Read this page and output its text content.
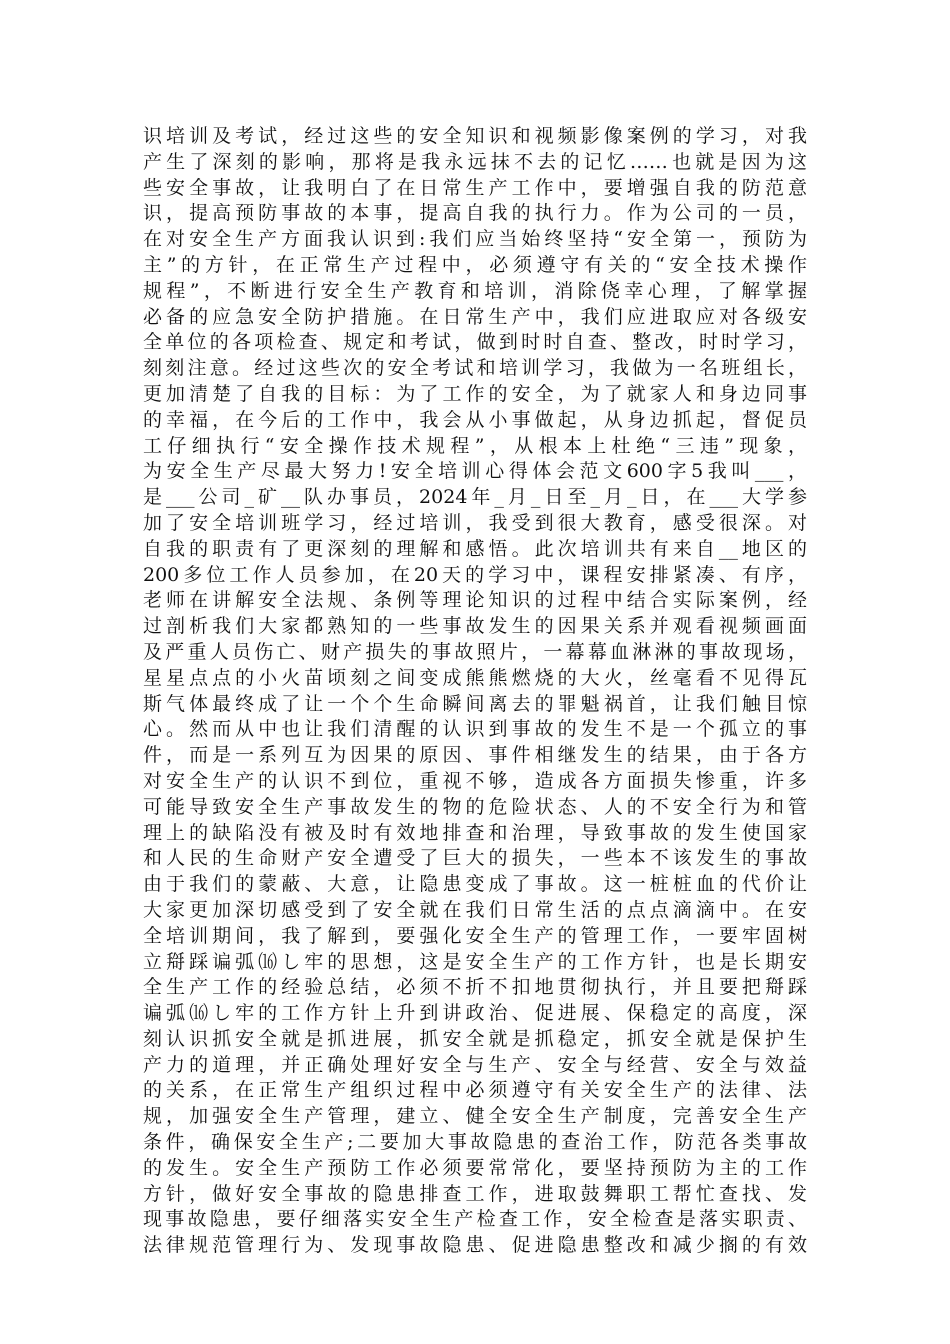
识培训及考试，经过这些的安全知识和视频影像案例的学习，对我
产生了深刻的影响，那将是我永远抹不去的记忆……也就是因为这
些安全事故，让我明白了在日常生产工作中，要增强自我的防范意
识，提高预防事故的本事，提高自我的执行力。作为公司的一员，
在对安全生产方面我认识到:我们应当始终坚持“安全第一，预防为
主”的方针，在正常生产过程中，必须遵守有关的“安全技术操作
规程”，不断进行安全生产教育和培训，消除侥幸心理，了解掌握
必备的应急安全防护措施。在日常生产中，我们应进取应对各级安
全单位的各项检查、规定和考试，做到时时自查、整改，时时学习，
刻刻注意。经过这些次的安全考试和培训学习，我做为一名班组长，
更加清楚了自我的目标：为了工作的安全，为了就家人和身边同事
的幸福，在今后的工作中，我会从小事做起，从身边抓起，督促员
工仔细执行“安全操作技术规程”，从根本上杜绝“三违”现象，
为安全生产尽最大努力!安全培训心得体会范文600字5我叫___，
是___公司_矿__队办事员，2024年_月_日至_月_日，在___大学参
加了安全培训班学习，经过培训，我受到很大教育，感受很深。对
自我的职责有了更深刻的理解和感悟。此次培训共有来自__地区的
200多位工作人员参加，在20天的学习中，课程安排紧凑、有序，
老师在讲解安全法规、条例等理论知识的过程中结合实际案例，经
过剖析我们大家都熟知的一些事故发生的因果关系并观看视频画面
及严重人员伤亡、财产损失的事故照片，一幕幕血淋淋的事故现场，
星星点点的小火苗顷刻之间变成熊熊燃烧的大火，丝毫看不见得瓦
斯气体最终成了让一个个生命瞬间离去的罪魁祸首，让我们触目惊
心。然而从中也让我们清醒的认识到事故的发生不是一个孤立的事
件，而是一系列互为因果的原因、事件相继发生的结果，由于各方
对安全生产的认识不到位，重视不够，造成各方面损失惨重，许多
可能导致安全生产事故发生的物的危险状态、人的不安全行为和管
理上的缺陷没有被及时有效地排查和治理，导致事故的发生使国家
和人民的生命财产安全遭受了巨大的损失，一些本不该发生的事故
由于我们的蒙蔽、大意，让隐患变成了事故。这一桩桩血的代价让
大家更加深切感受到了安全就在我们日常生活的点点滴滴中。在安
全培训期间，我了解到，要强化安全生产的管理工作，一要牢固树
立搿踩谝弧⒃し牢的思想，这是安全生产的工作方针，也是长期安
全生产工作的经验总结，必须不折不扣地贯彻执行，并且要把搿踩
谝弧⒃し牢的工作方针上升到讲政治、促进展、保稳定的高度，深
刻认识抓安全就是抓进展，抓安全就是抓稳定，抓安全就是保护生
产力的道理，并正确处理好安全与生产、安全与经营、安全与效益
的关系，在正常生产组织过程中必须遵守有关安全生产的法律、法
规，加强安全生产管理，建立、健全安全生产制度，完善安全生产
条件，确保安全生产;二要加大事故隐患的查治工作，防范各类事故
的发生。安全生产预防工作必须要常常化，要坚持预防为主的工作
方针，做好安全事故的隐患排查工作，进取鼓舞职工帮忙查找、发
现事故隐患，要仔细落实安全生产检查工作，安全检查是落实职责、
法律规范管理行为、发现事故隐患、促进隐患整改和减少搁的有效
